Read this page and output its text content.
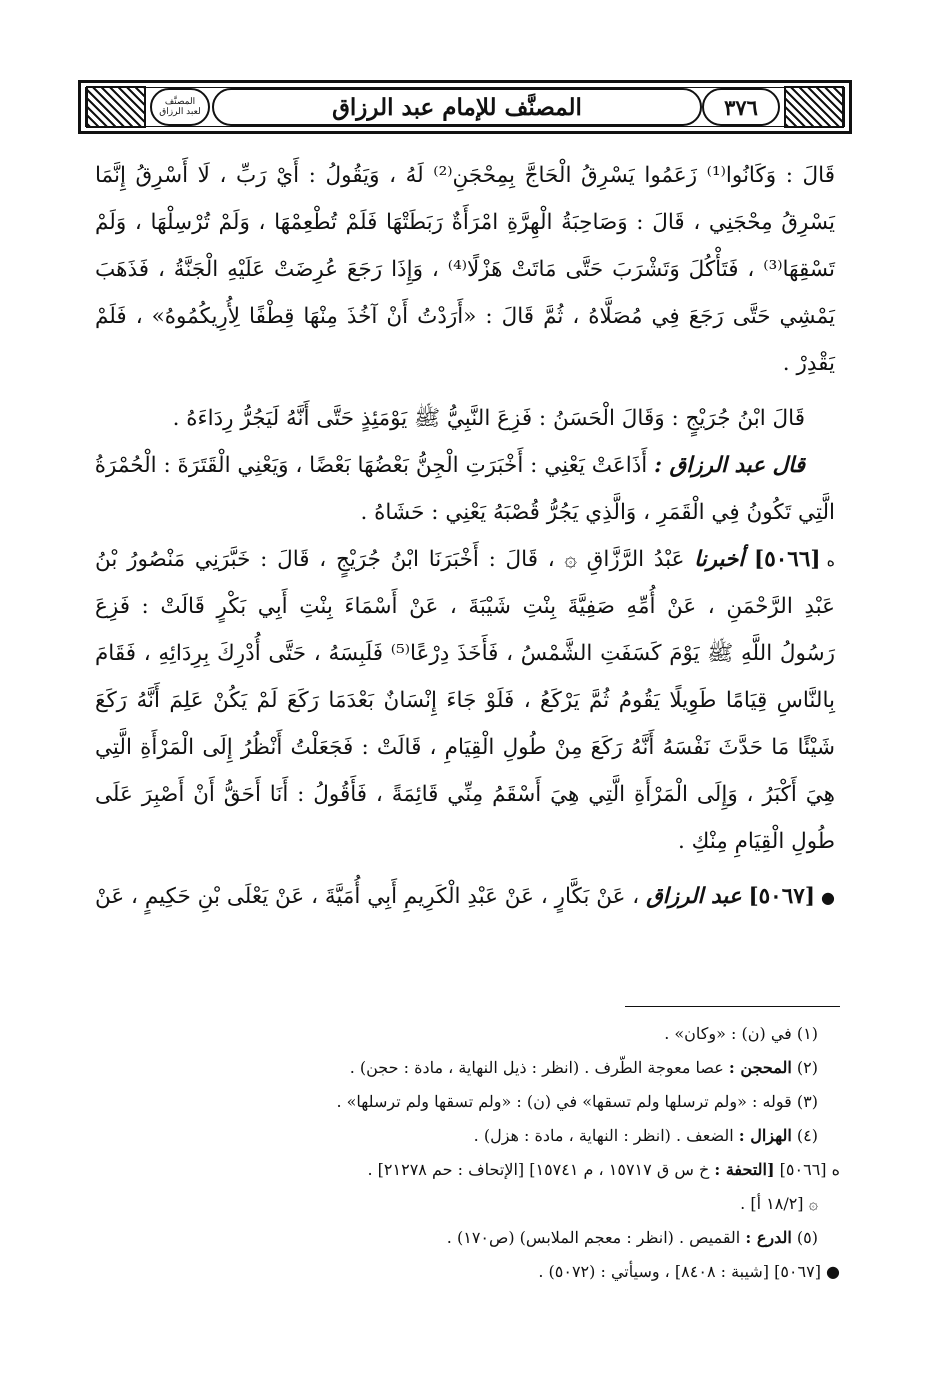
٣٧٦
المصنَّف للإمام عبد الرزاق
المصنَّف
لعبد الرزاق
قَالَ : وَكَانُوا⁽¹⁾ زَعَمُوا يَسْرِقُ الْحَاجَّ بِمِحْجَنِ⁽²⁾ لَهُ ، وَيَقُولُ : أَيْ رَبِّ ، لَا أَسْرِقُ إِنَّمَا
يَسْرِقُ مِحْجَنِي ، قَالَ : وَصَاحِبَةُ الْهِرَّةِ امْرَأَةٌ رَبَطَتْهَا فَلَمْ تُطْعِمْهَا ، وَلَمْ تُرْسِلْهَا ، وَلَمْ
تَسْقِهَا⁽³⁾ ، فَتَأْكُلَ وَتَشْرَبَ حَتَّى مَاتَتْ هَزْلًا⁽⁴⁾ ، وَإِذَا رَجَعَ عُرِضَتْ عَلَيْهِ الْجَنَّةُ ، فَذَهَبَ
يَمْشِي حَتَّى رَجَعَ فِي مُصَلَّاهُ ، ثُمَّ قَالَ : «أَرَدْتُ أَنْ آخُذَ مِنْهَا قِطْفًا لِأُرِيكُمُوهُ» ، فَلَمْ
يَقْدِرْ .
قَالَ ابْنُ جُرَيْجٍ : وَقَالَ الْحَسَنُ : فَزِعَ النَّبِيُّ ﷺ يَوْمَئِذٍ حَتَّى أَنَّهُ لَيَجُرُّ رِدَاءَهُ .
قال عبد الرزاق : أَذَاعَتْ يَعْنِي : أَخْبَرَتِ الْجِنُّ بَعْضُهَا بَعْضًا ، وَيَعْنِي الْقَتَرَةَ : الْحُمْرَةُ
الَّتِي تَكُونُ فِي الْقَمَرِ ، وَالَّذِي يَجُرُّ قُصْبَهُ يَعْنِي : حَشَاهُ .
ه[٥٠٦٦] أخبرنا عَبْدُ الرَّزَّاقِ ۞ ، قَالَ : أَخْبَرَنَا ابْنُ جُرَيْجٍ ، قَالَ : خَبَّرَنِي مَنْصُورُ بْنُ
عَبْدِ الرَّحْمَنِ ، عَنْ أُمِّهِ صَفِيَّةَ بِنْتِ شَيْبَةَ ، عَنْ أَسْمَاءَ بِنْتِ أَبِي بَكْرٍ قَالَتْ : فَزِعَ
رَسُولُ اللَّهِ ﷺ يَوْمَ كَسَفَتِ الشَّمْسُ ، فَأَخَذَ دِرْعًا⁽⁵⁾ فَلَبِسَهُ ، حَتَّى أُدْرِكَ بِرِدَائِهِ ، فَقَامَ
بِالنَّاسِ قِيَامًا طَوِيلًا يَقُومُ ثُمَّ يَرْكَعُ ، فَلَوْ جَاءَ إِنْسَانٌ بَعْدَمَا رَكَعَ لَمْ يَكُنْ عَلِمَ أَنَّهُ رَكَعَ
شَيْئًا مَا حَدَّثَ نَفْسَهُ أَنَّهُ رَكَعَ مِنْ طُولِ الْقِيَامِ ، قَالَتْ : فَجَعَلْتُ أَنْظُرُ إِلَى الْمَرْأَةِ الَّتِي
هِيَ أَكْبَرُ ، وَإِلَى الْمَرْأَةِ الَّتِي هِيَ أَسْقَمُ مِنِّي قَائِمَةً ، فَأَقُولُ : أَنَا أَحَقُّ أَنْ أَصْبِرَ عَلَى
طُولِ الْقِيَامِ مِنْكِ .
●[٥٠٦٧] عبد الرزاق ، عَنْ بَكَّارٍ ، عَنْ عَبْدِ الْكَرِيمِ أَبِي أُمَيَّةَ ، عَنْ يَعْلَى بْنِ حَكِيمٍ ، عَنْ
(١) في (ن) : «وكان» .
(٢) المحجن : عصا معوجة الطّرف . (انظر : ذيل النهاية ، مادة : حجن) .
(٣) قوله : «ولم ترسلها ولم تسقها» في (ن) : «ولم تسقها ولم ترسلها» .
(٤) الهزال : الضعف . (انظر : النهاية ، مادة : هزل) .
ه [٥٠٦٦] [التحفة : خ س ق ١٥٧١٧ ، م ١٥٧٤١] [الإتحاف : حم ٢١٢٧٨] .
۞ [١٨/٢ أ] .
(٥) الدرع : القميص . (انظر : معجم الملابس) (ص١٧٠) .
● [٥٠٦٧] [شيبة : ٨٤٠٨] ، وسيأتي : (٥٠٧٢) .
